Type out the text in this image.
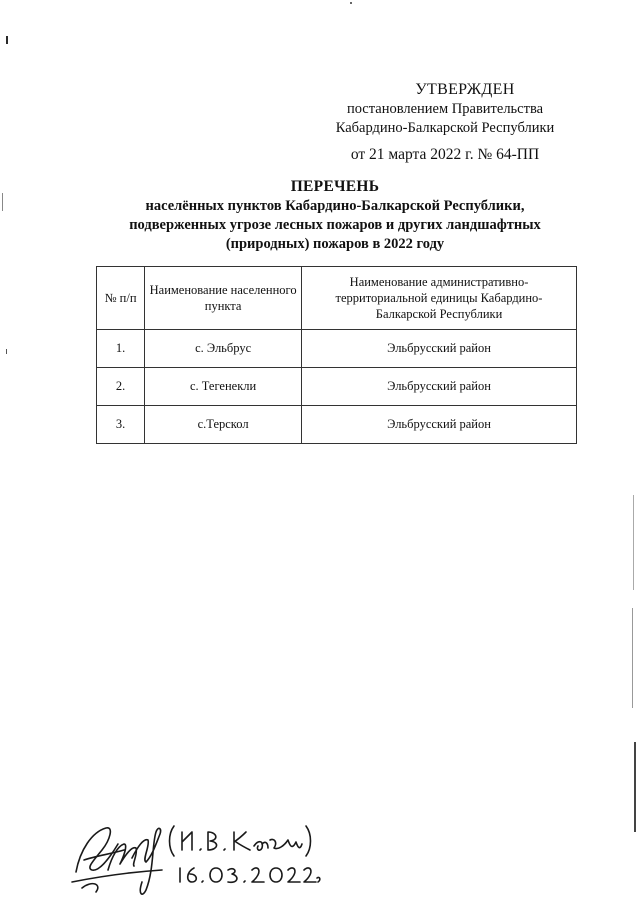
УТВЕРЖДЕН
постановлением Правительства
Кабардино-Балкарской Республики
от 21 марта 2022 г. № 64-ПП
ПЕРЕЧЕНЬ
населённых пунктов Кабардино-Балкарской Республики,
подверженных угрозе лесных пожаров и других ландшафтных
(природных) пожаров в 2022 году
№ п/п	Наименование населенного пункта	Наименование административно-территориальной единицы Кабардино-Балкарской Республики
1.	с. Эльбрус	Эльбрусский район
2.	с. Тегенекли	Эльбрусский район
3.	с.Терскол	Эльбрусский район
